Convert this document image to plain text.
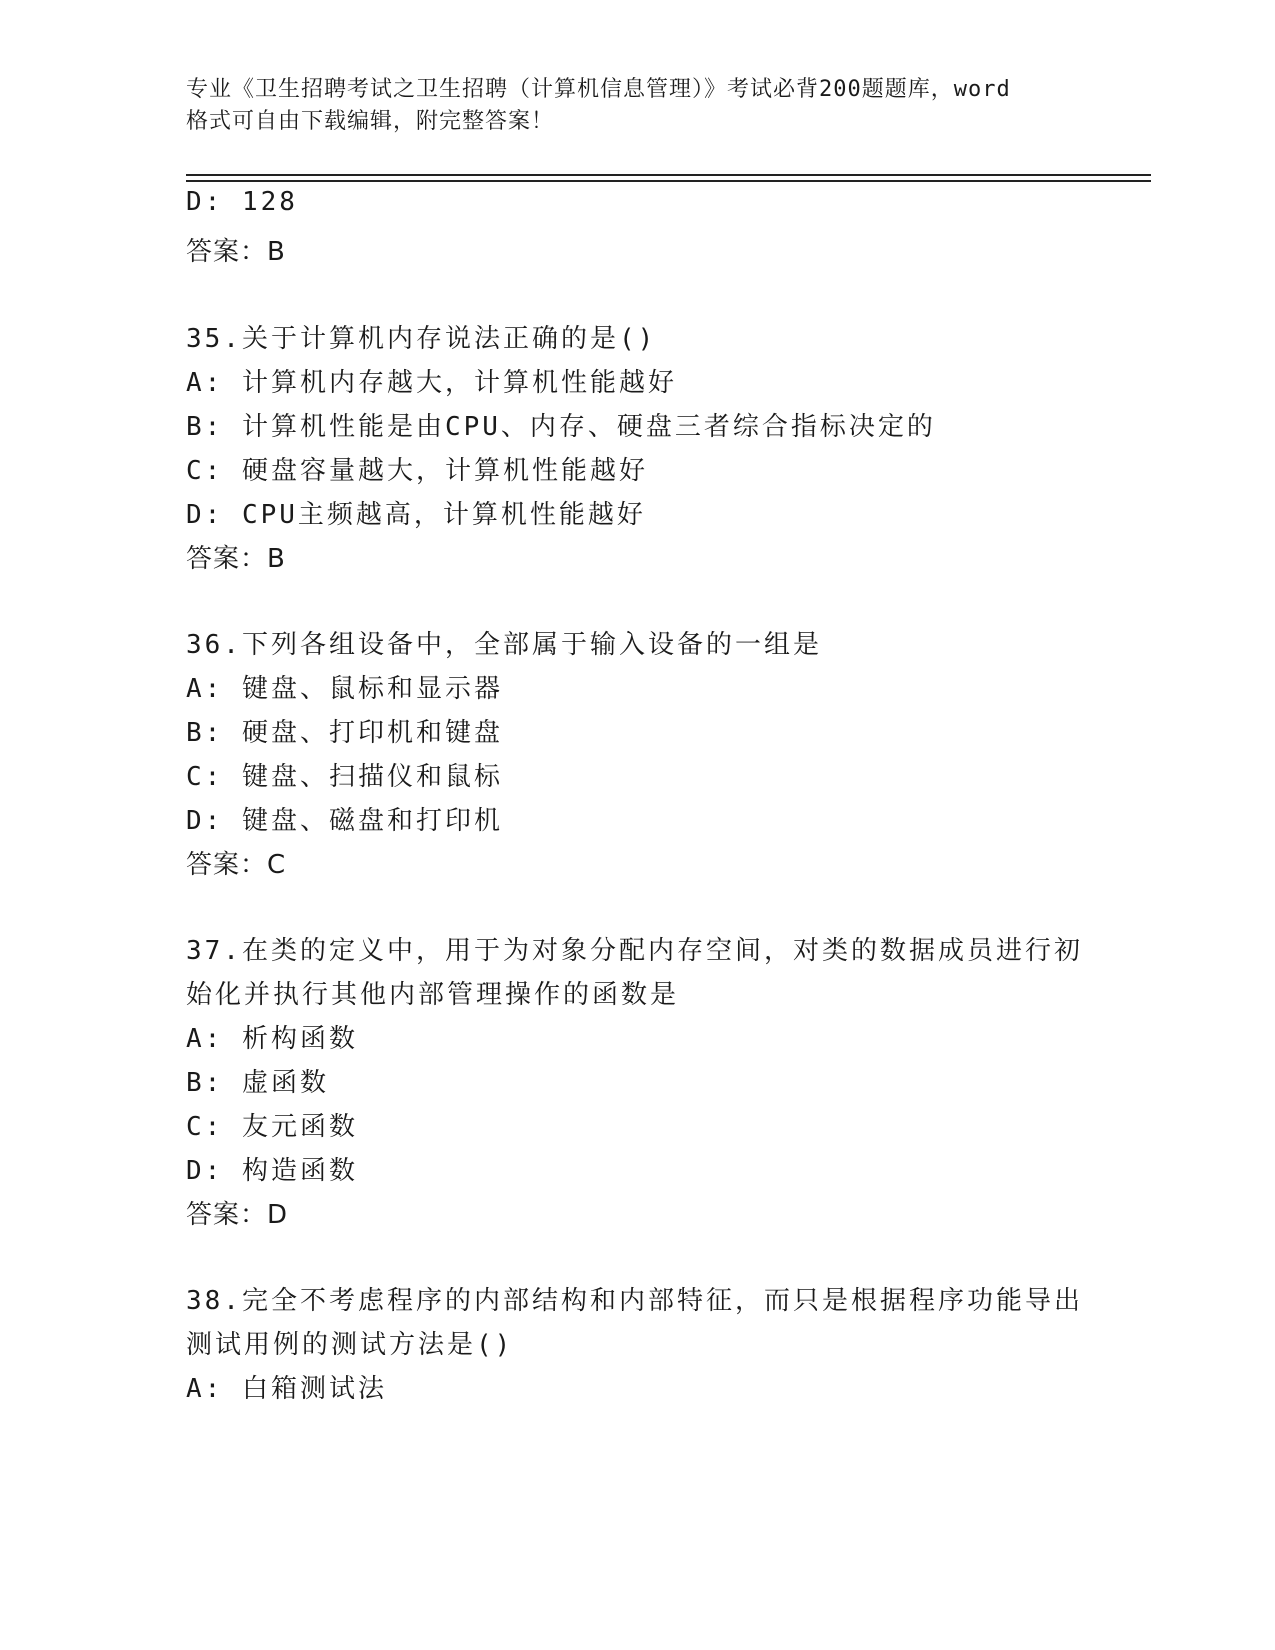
专业《卫生招聘考试之卫生招聘（计算机信息管理）》考试必背200题题库，word
格式可自由下载编辑，附完整答案！
D: 128
答案：B
35.关于计算机内存说法正确的是()
A: 计算机内存越大，计算机性能越好
B: 计算机性能是由CPU、内存、硬盘三者综合指标决定的
C: 硬盘容量越大，计算机性能越好
D: CPU主频越高，计算机性能越好
答案：B
36.下列各组设备中，全部属于输入设备的一组是
A: 键盘、鼠标和显示器
B: 硬盘、打印机和键盘
C: 键盘、扫描仪和鼠标
D: 键盘、磁盘和打印机
答案：C
37.在类的定义中，用于为对象分配内存空间，对类的数据成员进行初
始化并执行其他内部管理操作的函数是
A: 析构函数
B: 虚函数
C: 友元函数
D: 构造函数
答案：D
38.完全不考虑程序的内部结构和内部特征，而只是根据程序功能导出
测试用例的测试方法是()
A: 白箱测试法
